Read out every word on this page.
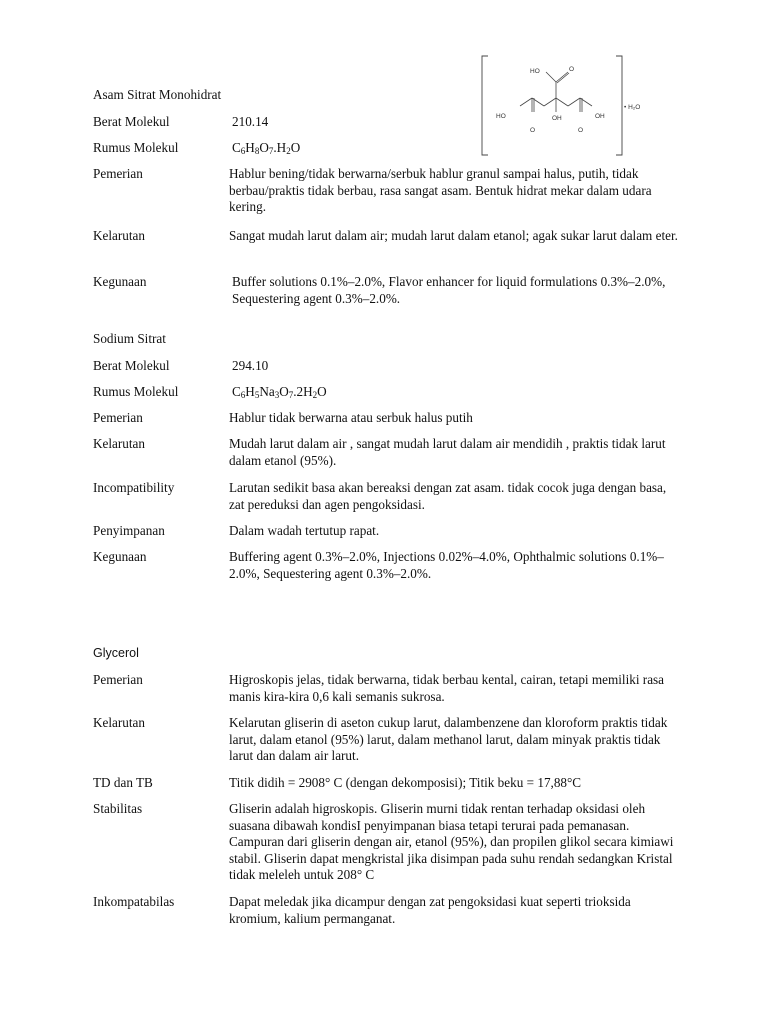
Asam Sitrat Monohidrat
HO	O
HO	OH	OH
O	O
• H₂O
Berat Molekul	210.14
Rumus Molekul	$C_6H_8O_7.H_2O$
Pemerian	Hablur bening/tidak berwarna/serbuk hablur granul sampai halus, putih, tidak berbau/praktis tidak berbau, rasa sangat asam. Bentuk hidrat mekar dalam udara kering.
Kelarutan	Sangat mudah larut dalam air; mudah larut dalam etanol; agak sukar larut dalam eter.
Kegunaan	Buffer solutions 0.1%–2.0%, Flavor enhancer for liquid formulations 0.3%–2.0%, Sequestering agent 0.3%–2.0%.
Sodium Sitrat
Berat Molekul	294.10
Rumus Molekul	$C_6H_5Na_3O_7.2H_2O$
Pemerian	Hablur tidak berwarna atau serbuk halus putih
Kelarutan	Mudah larut dalam air , sangat mudah larut dalam air mendidih , praktis tidak larut dalam etanol (95%).
Incompatibility	Larutan sedikit basa akan bereaksi dengan zat asam. tidak cocok juga dengan basa, zat pereduksi dan agen pengoksidasi.
Penyimpanan	Dalam wadah tertutup rapat.
Kegunaan	Buffering agent 0.3%–2.0%, Injections 0.02%–4.0%, Ophthalmic solutions 0.1%–2.0%, Sequestering agent 0.3%–2.0%.
Glycerol
Pemerian	Higroskopis jelas, tidak berwarna, tidak berbau kental, cairan, tetapi memiliki rasa manis kira-kira 0,6 kali semanis sukrosa.
Kelarutan	Kelarutan gliserin di aseton cukup larut, dalambenzene dan kloroform praktis tidak larut, dalam etanol (95%) larut, dalam methanol larut, dalam minyak praktis tidak larut dan dalam air larut.
TD dan TB	Titik didih = 2908° C (dengan dekomposisi); Titik beku = 17,88°C
Stabilitas	Gliserin adalah higroskopis. Gliserin murni tidak rentan terhadap oksidasi oleh suasana dibawah kondisI penyimpanan biasa tetapi terurai pada pemanasan. Campuran dari gliserin dengan air, etanol (95%), dan propilen glikol secara kimiawi stabil. Gliserin dapat mengkristal jika disimpan pada suhu rendah sedangkan Kristal tidak meleleh untuk 208° C
Inkompatabilas	Dapat meledak jika dicampur dengan zat pengoksidasi kuat seperti trioksida kromium, kalium permanganat.
